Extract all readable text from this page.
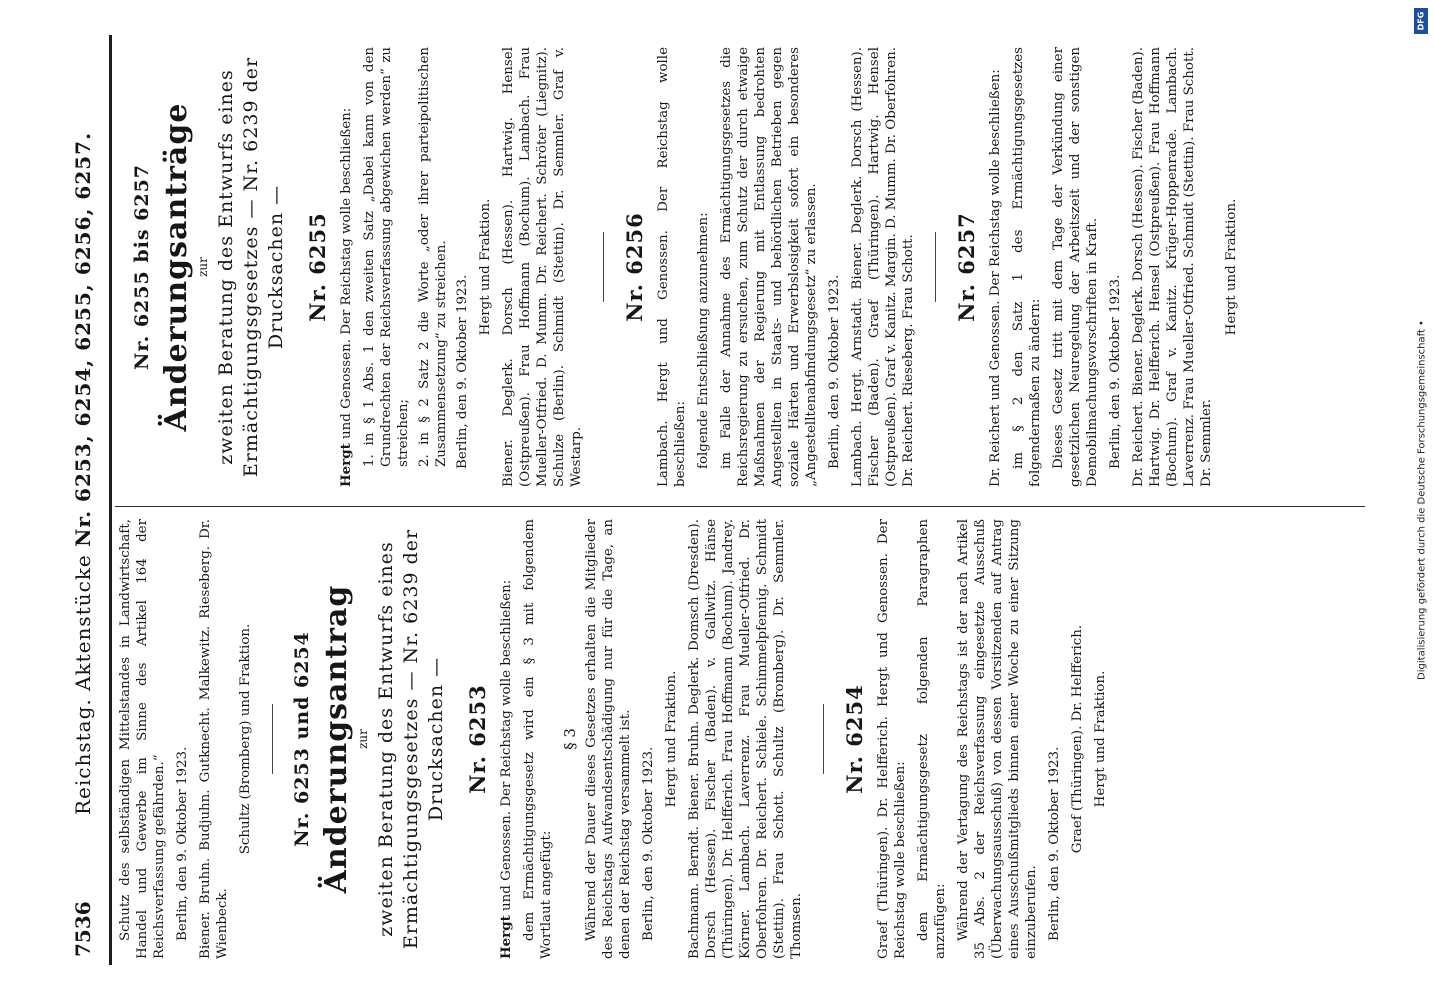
DFG
Digitalisierung gefördert durch die Deutsche Forschungsgemeinschaft •
7536
Reichstag. Aktenstücke Nr. 6253, 6254, 6255, 6256, 6257.

Schutz des selbständigen Mittelstandes in Landwirtschaft, Handel und Gewerbe im Sinne des Artikel 164 der Reichsverfassung gefährden.“ Berlin, den 9. Oktober 1923. Biener. Bruhn. Budjuhn. Gutknecht. Malkewitz. Riesеberg. Dr. Wienbeck.

Schultz (Bromberg) und Fraktion. Nr. 6253 und 6254 Änderungsantrag zur zweiten Beratung des Entwurfs eines Ermächtigungsgesetzes — Nr. 6239 der Drucksachen — Nr. 6253

Hergt und Genossen. Der Reichstag wolle beschließen: dem Ermächtigungsgesetz wird ein § 3 mit folgendem Wortlaut angefügt:

§ 3 Während der Dauer dieses Gesetzes erhalten die Mitglieder des Reichstags Aufwandsentschädigung nur für die Tage, an denen der Reichstag versammelt ist. Berlin, den 9. Oktober 1923.

Hergt und Fraktion. Bachmann. Berndt. Biener. Bruhn. Deglerk. Domsch (Dresden). Dorsch (Hessen). Fischer (Baden). v. Gallwitz. Hänse (Thüringen). Dr. Helfferich. Frau Hoffmann (Bochum). Jandrey. Körner. Lambach. Laverrenz. Frau Mueller-Otfried. Dr. Oberfohren. Dr. Reichert. Schiele. Schimmelpfennig. Schmidt (Stettin). Frau Schott. Schultz (Bromberg). Dr. Semmler. Thomsen.

Nr. 6254 Graef (Thüringen). Dr. Helfferich. Hergt und Genossen. Der Reichstag wolle beschließen: dem Ermächtigungsgesetz folgenden Paragraphen anzufügen: Während der Vertagung des Reichstags ist der nach Artikel 35 Abs. 2 der Reichsverfassung eingesetzte Ausschuß (Überwachungsausschuß) von dessen Vorsitzenden auf Antrag eines Ausschußmitglieds binnen einer Woche zu einer Sitzung einzuberufen. Berlin, den 9. Oktober 1923. Graef (Thüringen). Dr. Helfferich. Hergt und Fraktion.

Nr. 6255 bis 6257 Änderungsanträge zur zweiten Beratung des Entwurfs eines Ermächtigungsgesetzes — Nr. 6239 der Drucksachen — Nr. 6255

Hergt und Genossen. Der Reichstag wolle beschließen: 1. in § 1 Abs. 1 den zweiten Satz „Dabei kann von den Grundrechten der Reichsverfassung abgewichen werden“ zu streichen; 2. in § 2 Satz 2 die Worte „oder ihrer parteipolitischen Zusammensetzung“ zu streichen. Berlin, den 9. Oktober 1923.

Hergt und Fraktion. Biener. Deglerk. Dorsch (Hessen). Hartwig. Hensel (Ostpreußen). Frau Hoffmann (Bochum). Lambach. Frau Mueller-Otfried. D. Mumm. Dr. Reichert. Schröter (Liegnitz). Schulze (Berlin). Schmidt (Stettin). Dr. Semmler. Graf v. Westarp.

Nr. 6256 Lambach. Hergt und Genossen. Der Reichstag wolle beschließen: folgende Entschließung anzunehmen: im Falle der Annahme des Ermächtigungsgesetzes die Reichsregierung zu ersuchen, zum Schutz der durch etwaige Maßnahmen der Regierung mit Entlassung bedrohten Angestellten in Staats- und behördlichen Betrieben gegen soziale Härten und Erwerbslosigkeit sofort ein besonderes „Angestelltenabfindungsgesetz“ zu erlassen. Berlin, den 9. Oktober 1923. Lambach. Hergt. Arnstadt. Biener. Deglerk. Dorsch (Hessen). Fischer (Baden). Graef (Thüringen). Hartwig. Hensel (Ostpreußen). Graf v. Kanitz. Margin. D. Mumm. Dr. Oberfohren. Dr. Reichert. Rieseberg. Frau Schott. Nr. 6257 Dr. Reichert und Genossen. Der Reichstag wolle beschließen: im § 2 den Satz 1 des Ermächtigungsgesetzes folgendermaßen zu ändern: Dieses Gesetz tritt mit dem Tage der Verkündung einer gesetzlichen Neuregelung der Arbeitszeit und der sonstigen Demobilmachungsvorschriften in Kraft. Berlin, den 9. Oktober 1923. Dr. Reichert. Biener. Deglerk. Dorsch (Hessen). Fischer (Baden). Hartwig. Dr. Helfferich. Hensel (Ostpreußen). Frau Hoffmann (Bochum). Graf v. Kanitz. Krüger-Hoppenrade. Lambach. Laverrenz. Frau Mueller-Otfried. Schmidt (Stettin). Frau Schott. Dr. Semmler.

Hergt und Fraktion.
